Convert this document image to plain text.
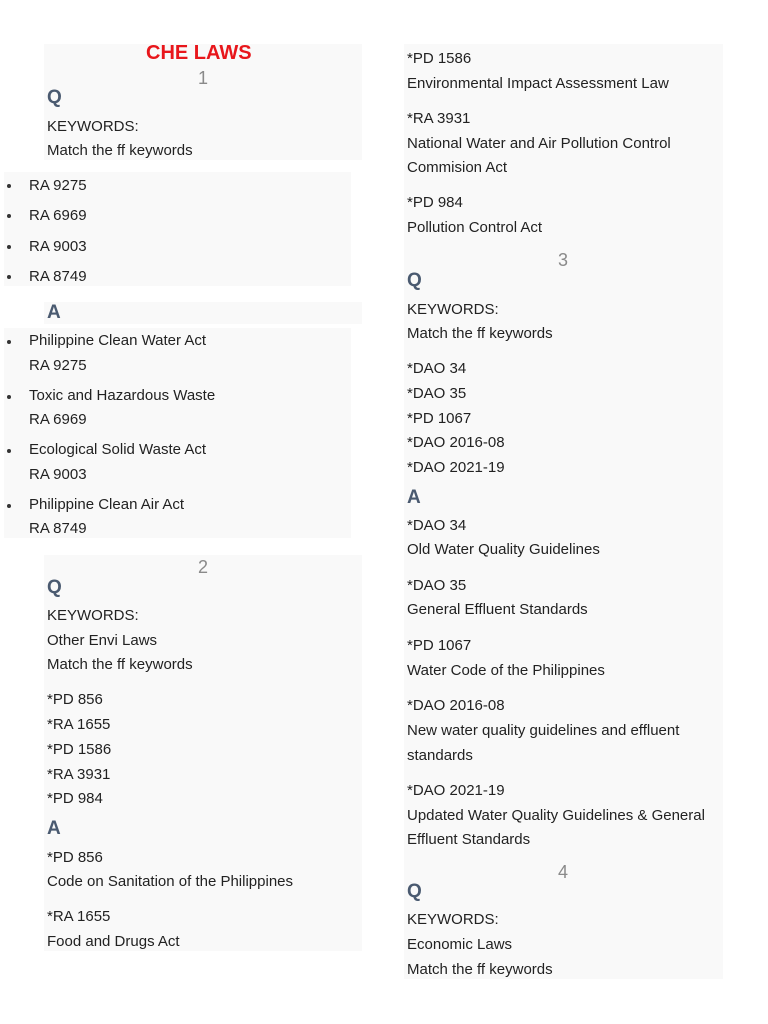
CHE LAWS
1
Q
KEYWORDS:
Match the ff keywords
RA 9275
RA 6969
RA 9003
RA 8749
A
Philippine Clean Water Act
RA 9275
Toxic and Hazardous Waste
RA 6969
Ecological Solid Waste Act
RA 9003
Philippine Clean Air Act
RA 8749
2
Q
KEYWORDS:
Other Envi Laws
Match the ff keywords
*PD 856
*RA 1655
*PD 1586
*RA 3931
*PD 984
A
*PD 856
Code on Sanitation of the Philippines
*RA 1655
Food and Drugs Act
*PD 1586
Environmental Impact Assessment Law
*RA 3931
National Water and Air Pollution Control
Commision Act
*PD 984
Pollution Control Act
3
Q
KEYWORDS:
Match the ff keywords
*DAO 34
*DAO 35
*PD 1067
*DAO 2016-08
*DAO 2021-19
A
*DAO 34
Old Water Quality Guidelines
*DAO 35
General Effluent Standards
*PD 1067
Water Code of the Philippines
*DAO 2016-08
New water quality guidelines and effluent
standards
*DAO 2021-19
Updated Water Quality Guidelines & General
Effluent Standards
4
Q
KEYWORDS:
Economic Laws
Match the ff keywords
